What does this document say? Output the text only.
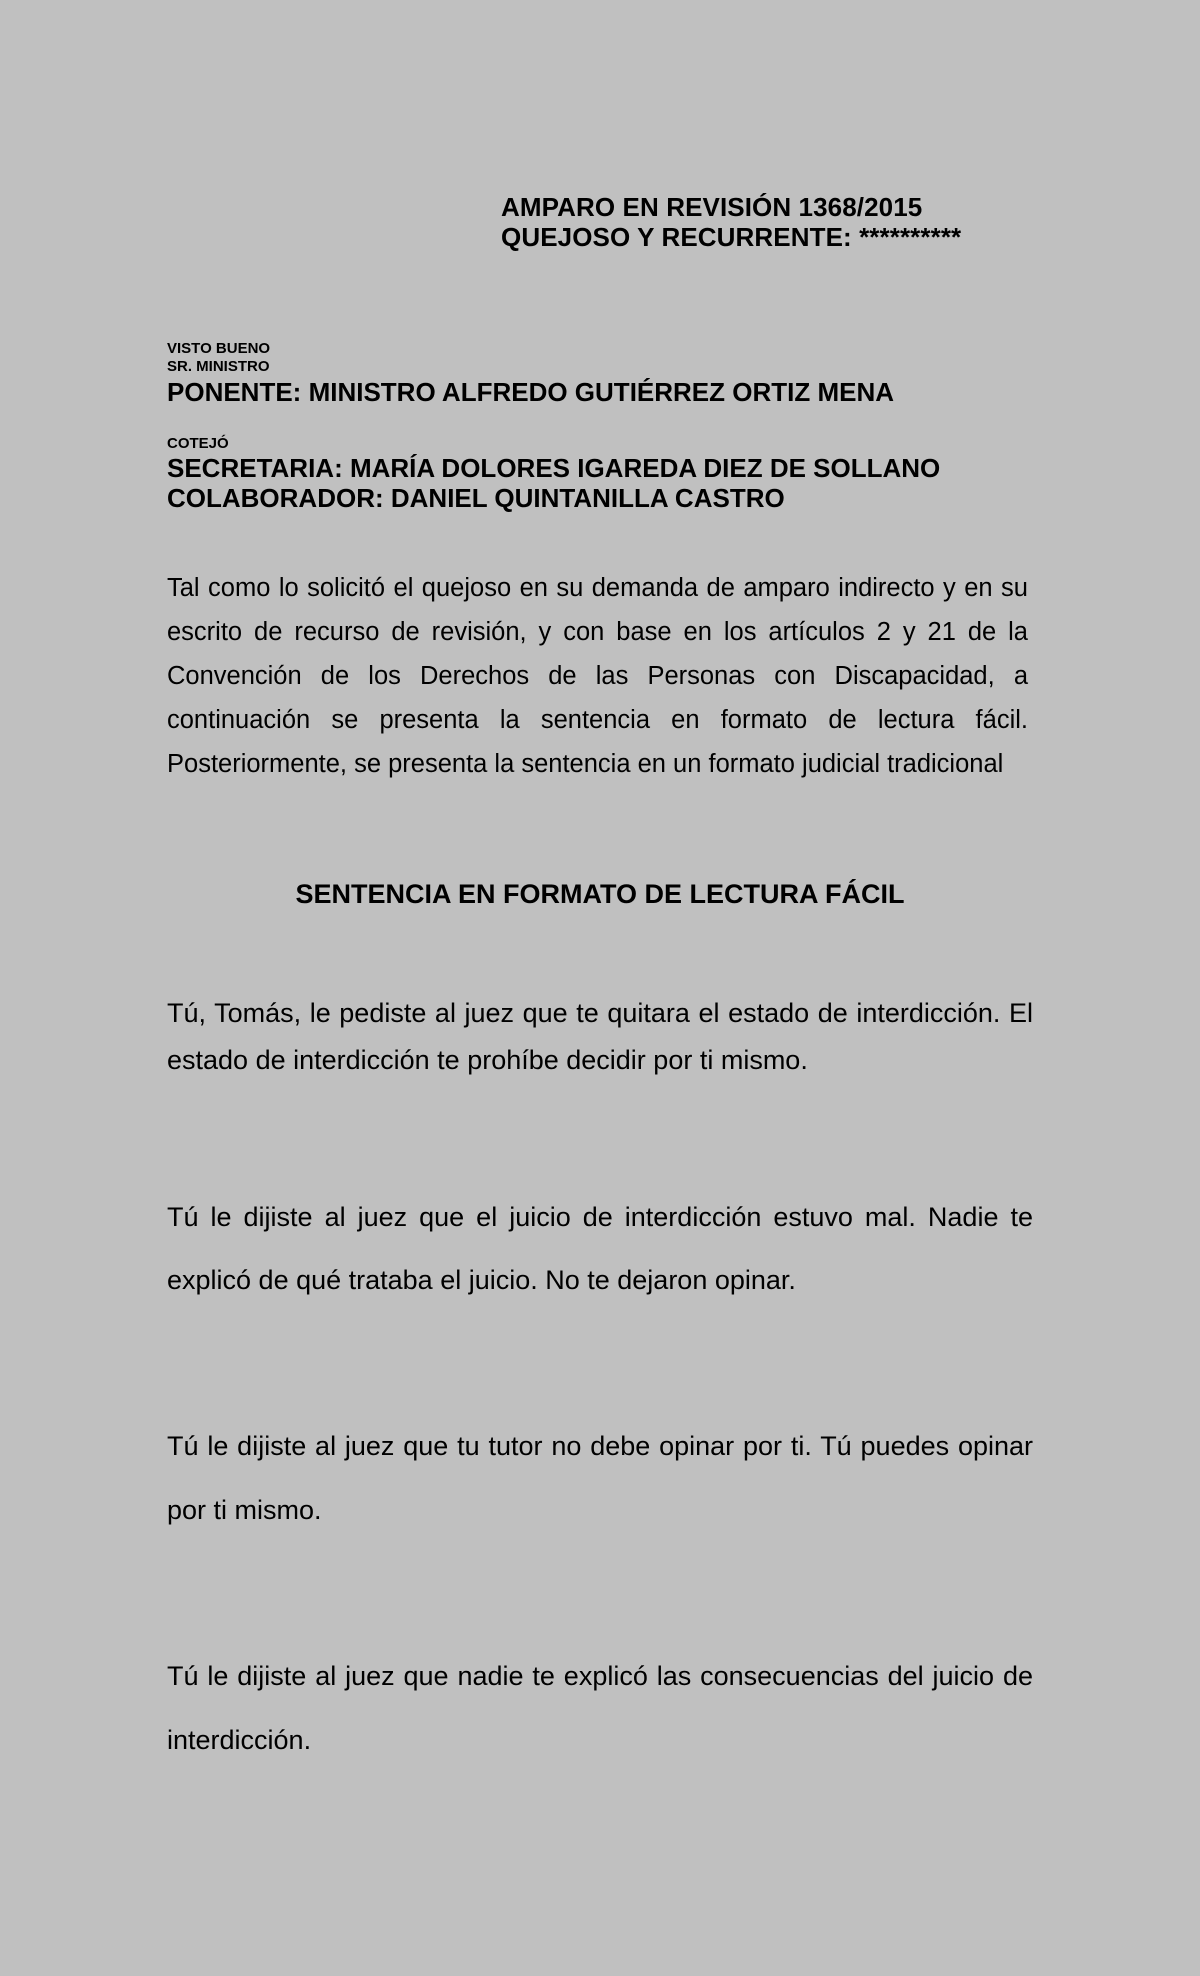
AMPARO EN REVISIÓN 1368/2015
QUEJOSO Y RECURRENTE: **********
VISTO BUENO
SR. MINISTRO
PONENTE: MINISTRO ALFREDO GUTIÉRREZ ORTIZ MENA
COTEJÓ
SECRETARIA: MARÍA DOLORES IGAREDA DIEZ DE SOLLANO
COLABORADOR: DANIEL QUINTANILLA CASTRO
Tal como lo solicitó el quejoso en su demanda de amparo indirecto y en su escrito de recurso de revisión, y con base en los artículos 2 y 21 de la Convención de los Derechos de las Personas con Discapacidad, a continuación se presenta la sentencia en formato de lectura fácil. Posteriormente, se presenta la sentencia en un formato judicial tradicional
SENTENCIA EN FORMATO DE LECTURA FÁCIL
Tú, Tomás, le pediste al juez que te quitara el estado de interdicción. El estado de interdicción te prohíbe decidir por ti mismo.
Tú le dijiste al juez que el juicio de interdicción estuvo mal. Nadie te explicó de qué trataba el juicio. No te dejaron opinar.
Tú le dijiste al juez que tu tutor no debe opinar por ti. Tú puedes opinar por ti mismo.
Tú le dijiste al juez que nadie te explicó las consecuencias del juicio de interdicción.
